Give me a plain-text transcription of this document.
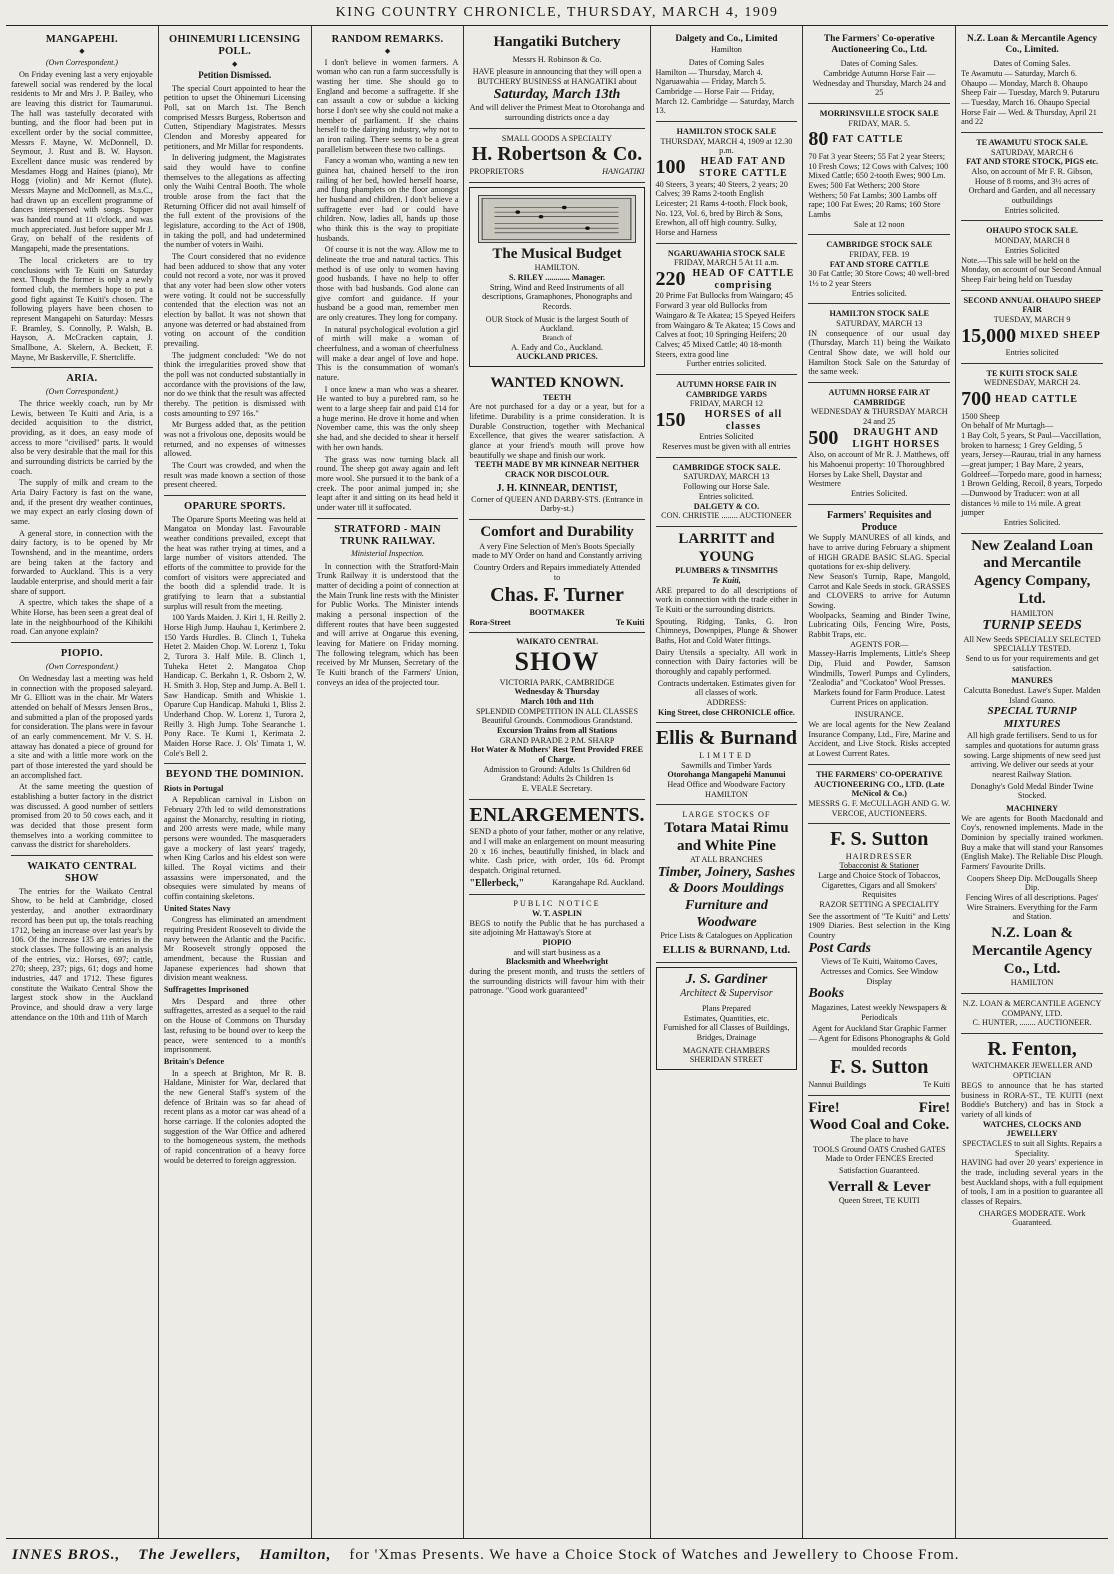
KING COUNTRY CHRONICLE, THURSDAY, MARCH 4, 1909
MANGAPEHI.
◆
(Own Correspondent.)

On Friday evening last a very enjoyable farewell social was rendered by the local residents to Mr and Mrs J. P. Bailey, who are leaving this district for Taumarunui. The hall was tastefully decorated with bunting, and the floor had been put in excellent order by the social committee, Messrs F. Mayne, W. McDonnell, D. Seymour, J. Rust and B. W. Hayson. Excellent dance music was rendered by Mesdames Hogg and Haines (piano), Mr Hogg (violin) and Mr Kernot (flute). Messrs Mayne and McDonnell, as M.s.C., had drawn up an excellent programme of dances interspersed with songs. Supper was handed round at 11 o'clock, and was much appreciated. Just before supper Mr J. Gray, on behalf of the residents of Mangapehi, made the presentations.

The local cricketers are to try conclusions with Te Kuiti on Saturday next. Though the former is only a newly formed club, the members hope to put a good fight against Te Kuiti's chosen. The following players have been chosen to represent Mangapehi on Saturday: Messrs F. Bramley, S. Connolly, P. Walsh, B. Hayson, A. McCracken captain, J. Smallbone, A. Skelern, A. Beckett, F. Mayne, Mr Baskerville, F. Shertcliffe.

ARIA.
(Own Correspondent.)

The thrice weekly coach, run by Mr Lewis, between Te Kuiti and Aria, is a decided acquisition to the district, providing, as it does, an easy mode of access to more "civilised" parts. It would also be very desirable that the mail for this and surrounding districts be carried by the coach.

The supply of milk and cream to the Aria Dairy Factory is fast on the wane, and, if the present dry weather continues, we may expect an early closing down of same.

A general store, in connection with the dairy factory, is to be opened by Mr Townshend, and in the meantime, orders are being taken at the factory and forwarded to Auckland. This is a very laudable enterprise, and should merit a fair share of support.

A spectre, which takes the shape of a White Horse, has been seen a great deal of late in the neighbourhood of the Kihikihi road. Can anyone explain?

PIOPIO.
(Own Correspondent.)

On Wednesday last a meeting was held in connection with the proposed saleyard. Mr G. Elliott was in the chair. Mr Waters attended on behalf of Messrs Jensen Bros., and submitted a plan of the proposed yards for consideration. The plans were in favour of an early commencement. Mr V. S. H. attaway has donated a piece of ground for a site and with a little more work on the part of those interested the yard should be an accomplished fact.

At the same meeting the question of establishing a butter factory in the district was discussed. A good number of settlers promised from 20 to 50 cows each, and it was decided that those present form themselves into a working committee to canvass the district for shareholders.

WAIKATO CENTRAL SHOW

The entries for the Waikato Central Show, to be held at Cambridge, closed yesterday, and another extraordinary record has been put up, the totals reaching 1712, being an increase over last year's by 106. Of the increase 135 are entries in the stock classes. The following is an analysis of the entries, viz.: Horses, 697; cattle, 270; sheep, 237; pigs, 61; dogs and home industries, 447 and 1712. These figures constitute the Waikato Central Show the largest stock show in the Auckland Province, and should draw a very large attendance on the 10th and 11th of March

OHINEMURI LICENSING POLL.
◆
Petition Dismissed.

The special Court appointed to hear the petition to upset the Ohinemuri Licensing Poll, sat on March 1st. The Bench comprised Messrs Burgess, Robertson and Cutten, Stipendiary Magistrates. Messrs Clendon and Moresby appeared for petitioners, and Mr Millar for respondents.

In delivering judgment, the Magistrates said they would have to confine themselves to the allegations as affecting only the Waihi Central Booth. The whole trouble arose from the fact that the Returning Officer did not avail himself of the full extent of the provisions of the legislature, according to the Act of 1908, in taking the poll, and had undetermined the number of voters in Waihi.

The Court considered that no evidence had been adduced to show that any voter could not record a vote, nor was it proved that any voter had been slow other voters were voting. It could not be successfully contended that the election was not an election by ballot. It was not shown that anyone was deterred or had abstained from voting on account of the condition prevailing.

The judgment concluded: "We do not think the irregularities proved show that the poll was not conducted substantially in accordance with the provisions of the law, nor do we think that the result was affected thereby. The petition is dismissed with costs amounting to £97 16s."

Mr Burgess added that, as the petition was not a frivolous one, deposits would be returned, and no expenses of witnesses allowed.

The Court was crowded, and when the result was made known a section of those present cheered.

OPARURE SPORTS.

The Oparure Sports Meeting was held at Mangatoa on Monday last. Favourable weather conditions prevailed, except that the heat was rather trying at times, and a large number of visitors attended. The efforts of the committee to provide for the comfort of visitors were appreciated and the booth did a splendid trade. It is gratifying to learn that a substantial surplus will result from the meeting.

100 Yards Maiden. J. Kiri 1, H. Reilly 2. Horse High Jump. Hauhau 1, Kerimbere 2. 150 Yards Hurdles. B. Clinch 1, Tuheka Hetet 2. Maiden Chop. W. Lorenz 1, Toku 2, Turora 3. Half Mile. B. Clinch 1, Tuheka Hetet 2. Mangatoa Chop Handicap. C. Berkahn 1, R. Osborn 2, W. H. Smith 3. Hop, Step and Jump. A. Bell 1. Saw Handicap. Smith and Whiskie 1. Oparure Cup Handicap. Mahuki 1, Bliss 2. Underhand Chop. W. Lorenz 1, Turora 2, Reilly 3. High Jump. Tohe Searanche 1. Pony Race. Te Kumi 1, Kerimata 2. Maiden Horse Race. J. Ols' Timata 1, W. Cole's Bell 2.

BEYOND THE DOMINION.
Riots in Portugal

A Republican carnival in Lisbon on February 27th led to wild demonstrations against the Monarchy, resulting in rioting, and 200 arrests were made, while many persons were wounded. The masqueraders gave a mockery of last years' tragedy, when King Carlos and his eldest son were killed. The Royal victims and their assassins were impersonated, and the obsequies were simulated by means of coffin containing skeletons.

United States Navy

Congress has eliminated an amendment requiring President Roosevelt to divide the navy between the Atlantic and the Pacific. Mr Roosevelt strongly opposed the amendment, because the Russian and Japanese experiences had shown that division meant weakness.

Suffragettes Imprisoned

Mrs Despard and three other suffragettes, arrested as a sequel to the raid on the House of Commons on Thursday last, refusing to be bound over to keep the peace, were sentenced to a month's imprisonment.

Britain's Defence

In a speech at Brighton, Mr R. B. Haldane, Minister for War, declared that the new General Staff's system of the defence of Britain was so far ahead of recent plans as a motor car was ahead of a horse carriage. If the colonies adopted the suggestion of the War Office and adhered to the homogeneous system, the methods of rapid concentration of a heavy force would be deterred to foreign aggression.

RANDOM REMARKS.
◆

I don't believe in women farmers. A woman who can run a farm successfully is wasting her time. She should go to England and become a suffragette. If she can assault a cow or subdue a kicking horse I don't see why she could not make a member of parliament. If she chains herself to the dairying industry, why not to an iron railing. There seems to be a great parallelism between these two callings.

Fancy a woman who, wanting a new ten guinea hat, chained herself to the iron railing of her bed, howled herself hoarse, and flung phamplets on the floor amongst her husband and children. I don't believe a suffragette ever had or could have children. Now, ladies all, hands up those who think this is the way to propitiate husbands.

Of course it is not the way. Allow me to delineate the true and natural tactics. This method is of use only to women having good husbands. I have no help to offer those with bad husbands. God alone can give comfort and guidance. If your husband be a good man, remember men are only creatures. They long for company.

In natural psychological evolution a girl of mirth will make a woman of cheerfulness, and a woman of cheerfulness will make a dear angel of love and hope. This is the consummation of woman's nature.

I once knew a man who was a shearer. He wanted to buy a purebred ram, so he went to a large sheep fair and paid £14 for a huge merino. He drove it home and when November came, this was the only sheep she had, and she decided to shear it herself with her own hands.

The grass was now turning black all round. The sheep got away again and left more wool. She pursued it to the bank of a creek. The poor animal jumped in; she leapt after it and sitting on its head held it under water till it suffocated.

STRATFORD - MAIN TRUNK RAILWAY.
Ministerial Inspection.

In connection with the Stratford-Main Trunk Railway it is understood that the matter of deciding a point of connection at the Main Trunk line rests with the Minister for Public Works. The Minister intends making a personal inspection of the different routes that have been suggested and will arrive at Ongarue this evening, leaving for Matiere on Friday morning. The following telegram, which has been received by Mr Munsen, Secretary of the Te Kuiti branch of the Farmers' Union, conveys an idea of the projected tour.

Hangatiki Butchery
Messrs H. Robinson & Co.
HAVE pleasure in announcing that they will open a BUTCHERY BUSINESS at HANGATIKI about
Saturday, March 13th
And will deliver the Primest Meat to Otorohanga and surrounding districts once a day
SMALL GOODS A SPECIALTY
H. Robertson & Co.
PROPRIETORS	HANGATIKI
The Musical Budget
HAMILTON.
S. RILEY ............ Manager.
String, Wind and Reed Instruments of all descriptions, Gramaphones, Phonographs and Records.
OUR Stock of Music is the largest South of Auckland.
Branch of
A. Eady and Co., Auckland.
AUCKLAND PRICES.
WANTED KNOWN.
TEETH
Are not purchased for a day or a year, but for a lifetime. Durability is a prime consideration. It is Durable Construction, together with Mechanical Excellence, that gives the wearer satisfaction. A glance at your friend's mouth will prove how beautifully we shape and finish our work.
TEETH MADE BY MR KINNEAR NEITHER CRACK NOR DISCOLOUR.
J. H. KINNEAR, DENTIST,
Corner of QUEEN AND DARBY-STS. (Entrance in Darby-st.)
Comfort and Durability
A very Fine Selection of Men's Boots Specially made to MY Order on hand and Constantly arriving
Country Orders and Repairs immediately Attended to
Chas. F. Turner
BOOTMAKER
Rora-Street	Te Kuiti
WAIKATO CENTRAL
SHOW
VICTORIA PARK, CAMBRIDGE
Wednesday & Thursday
March 10th and 11th
SPLENDID COMPETITION IN ALL CLASSES
Beautiful Grounds. Commodious Grandstand.
Excursion Trains from all Stations
GRAND PARADE 2 P.M. SHARP
Hot Water & Mothers' Rest Tent Provided FREE of Charge.
Admission to Ground: Adults 1s Children 6d
Grandstand: Adults 2s Children 1s
E. VEALE Secretary.
ENLARGEMENTS.
SEND a photo of your father, mother or any relative, and I will make an enlargement on mount measuring 20 x 16 inches, beautifully finished, in black and white. Cash price, with order, 10s 6d. Prompt despatch. Original returned.
"Ellerbeck,"	Karangahape Rd. Auckland.
PUBLIC NOTICE
W. T. ASPLIN
BEGS to notify the Public that he has purchased a site adjoining Mr Hattaway's Store at
PIOPIO
and will start business as a
Blacksmith and Wheelwright
during the present month, and trusts the settlers of the surrounding districts will favour him with their patronage. "Good work guaranteed"
Dalgety and Co., Limited
Hamilton
Dates of Coming Sales
Hamilton — Thursday, March 4. Ngaruawahia — Friday, March 5. Cambridge — Horse Fair — Friday, March 12. Cambridge — Saturday, March 13.
HAMILTON STOCK SALE
THURSDAY, MARCH 4, 1909 at 12.30 p.m.
100	HEAD FAT AND STORE CATTLE
40 Steers, 3 years; 40 Steers, 2 years; 20 Calves; 39 Rams 2-tooth English Leicester; 21 Rams 4-tooth. Flock book, No. 123, Vol. 6, bred by Birch & Sons, Erewhon, all off high country. Sulky, Horse and Harness
NGARUAWAHIA STOCK SALE
FRIDAY, MARCH 5 At 11 a.m.
220 HEAD OF CATTLE comprising
20 Prime Fat Bullocks from Waingaro; 45 Forward 3 year old Bullocks from Waingaro & Te Akatea; 15 Speyed Heifers from Waingaro & Te Akatea; 15 Cows and Calves at foot; 10 Springing Heifers; 20 Calves; 45 Mixed Cattle; 40 18-month Steers, extra good line
Further entries solicited.
AUTUMN HORSE FAIR IN CAMBRIDGE YARDS
FRIDAY, MARCH 12
150	HORSES of all classes
Entries Solicited
Reserves must be given with all entries
CAMBRIDGE STOCK SALE.
SATURDAY, MARCH 13
Following our Horse Sale.
Entries solicited.
DALGETY & CO.
CON. CHRISTIE ........ AUCTIONEER
LARRITT and YOUNG
PLUMBERS & TINSMITHS
Te Kuiti,
ARE prepared to do all descriptions of work in connection with the trade either in Te Kuiti or the surrounding districts.
Spouting, Ridging, Tanks, G. Iron Chimneys, Downpipes, Plunge & Shower Baths, Hot and Cold Water fittings.
Dairy Utensils a specialty. All work in connection with Dairy factories will be thoroughly and capably performed.
Contracts undertaken. Estimates given for all classes of work.
ADDRESS:
King Street, close CHRONICLE office.
Ellis & Burnand
LIMITED
Sawmills and Timber Yards
Otorohanga Mangapehi Manunui
Head Office and Woodware Factory HAMILTON
LARGE STOCKS OF
Totara Matai Rimu and White Pine
AT ALL BRANCHES
Timber, Joinery, Sashes & Doors Mouldings Furniture and Woodware
Price Lists & Catalogues on Application
ELLIS & BURNAND, Ltd.
J. S. Gardiner
Architect & Supervisor
Plans Prepared
Estimates, Quantities, etc.
Furnished for all Classes of Buildings, Bridges, Drainage
MAGNATE CHAMBERS
SHERIDAN STREET
The Farmers' Co-operative Auctioneering Co., Ltd.
Dates of Coming Sales.
Cambridge Autumn Horse Fair — Wednesday and Thursday, March 24 and 25
MORRINSVILLE STOCK SALE
FRIDAY, MAR. 5.
80 FAT CATTLE
70 Fat 3 year Steers; 55 Fat 2 year Steers; 10 Fresh Cows; 12 Cows with Calves; 100 Mixed Cattle; 650 2-tooth Ewes; 900 Lm. Ewes; 500 Fat Wethers; 200 Store Wethers; 50 Fat Lambs; 300 Lambs off rape; 100 Fat Ewes; 20 Rams; 160 Store Lambs
Sale at 12 noon
CAMBRIDGE STOCK SALE
FRIDAY, FEB. 19
FAT AND STORE CATTLE
30 Fat Cattle; 30 Store Cows; 40 well-bred 1½ to 2 year Steers
Entries solicited.
HAMILTON STOCK SALE
SATURDAY, MARCH 13
IN consequence of our usual day (Thursday, March 11) being the Waikato Central Show date, we will hold our Hamilton Stock Sale on the Saturday of the same week.
AUTUMN HORSE FAIR AT CAMBRIDGE
WEDNESDAY & THURSDAY MARCH 24 and 25
500	DRAUGHT AND LIGHT HORSES
Also, on account of Mr R. J. Matthews, off his Mahoenui property: 10 Thoroughbred Horses by Lake Shell, Daystar and Westmere
Entries Solicited.
Farmers' Requisites and Produce
We Supply MANURES of all kinds, and have to arrive during February a shipment of HIGH GRADE BASIC SLAG. Special quotations for ex-ship delivery.
New Season's Turnip, Rape, Mangold, Carrot and Kale Seeds in stock. GRASSES and CLOVERS to arrive for Autumn Sowing.
Woolpacks, Seaming and Binder Twine, Lubricating Oils, Fencing Wire, Posts, Rabbit Traps, etc.
AGENTS FOR—
Massey-Harris Implements, Little's Sheep Dip, Fluid and Powder, Samson Windmills, Towerl Pumps and Cylinders, "Zealodia" and "Cockatoo" Wool Presses.
Markets found for Farm Produce. Latest Current Prices on application.
INSURANCE.
We are local agents for the New Zealand Insurance Company, Ltd., Fire, Marine and Accident, and Live Stock. Risks accepted at Lowest Current Rates.
THE FARMERS' CO-OPERATIVE AUCTIONEERING CO., LTD. (Late McNicol & Co.)
MESSRS G. F. McCULLAGH AND G. W. VERCOE, AUCTIONEERS.
F. S. Sutton
HAIRDRESSER
Tobacconist & Stationer
Large and Choice Stock of Tobaccos, Cigarettes, Cigars and all Smokers' Requisites
RAZOR SETTING A SPECIALITY
See the assortment of "Te Kuiti" and Letts' 1909 Diaries. Best selection in the King Country
Post Cards
Views of Te Kuiti, Waitomo Caves, Actresses and Comics. See Window Display
Books
Magazines, Latest weekly Newspapers & Periodicals
Agent for Auckland Star Graphic Farmer — Agent for Edisons Phonographs & Gold moulded records
F. S. Sutton
Nannui Buildings	Te Kuiti
Fire!	Fire!
Wood Coal and Coke.
The place to have
TOOLS Ground OATS Crushed GATES Made to Order FENCES Erected
Satisfaction Guaranteed.
Verrall & Lever
Queen Street, TE KUITI
N.Z. Loan & Mercantile Agency Co., Limited.
Dates of Coming Sales.
Te Awamutu — Saturday, March 6. Ohaupo — Monday, March 8. Ohaupo Sheep Fair — Tuesday, March 9. Putaruru — Tuesday, March 16. Ohaupo Special Horse Fair — Wed. & Thursday, April 21 and 22
TE AWAMUTU STOCK SALE.
SATURDAY, MARCH 6
FAT AND STORE STOCK, PIGS etc.
Also, on account of Mr F. R. Gibson, House of 8 rooms, and 3½ acres of Orchard and Garden, and all necessary outbuildings
Entries solicited.
OHAUPO STOCK SALE.
MONDAY, MARCH 8
Entries Solicited
Note.—This sale will be held on the Monday, on account of our Second Annual Sheep Fair being held on Tuesday
SECOND ANNUAL OHAUPO SHEEP FAIR
TUESDAY, MARCH 9
15,000 MIXED SHEEP
Entries solicited
TE KUITI STOCK SALE
WEDNESDAY, MARCH 24.
700 HEAD CATTLE
1500 Sheep
On behalf of Mr Murtagh—
1 Bay Colt, 5 years, St Paul—Vaccillation, broken to harness; 1 Grey Gelding, 5 years, Jersey—Raurau, trial in any harness—great jumper; 1 Bay Mare, 2 years, Goldreef—Torpedo mare, good in harness; 1 Brown Gelding, Recoil, 8 years, Torpedo—Dunwood by Traducer: won at all distances ½ mile to 1½ mile. A great jumper
Entries Solicited.
New Zealand Loan and Mercantile Agency Company, Ltd.
HAMILTON
TURNIP SEEDS
All New Seeds SPECIALLY SELECTED SPECIALLY TESTED.
Send to us for your requirements and get satisfaction.
MANURES
Calcutta Bonedust. Lawe's Super. Malden Island Guano.
SPECIAL TURNIP MIXTURES
All high grade fertilisers. Send to us for samples and quotations for autumn grass sowing. Large shipments of new seed just arriving. We deliver our seeds at your nearest Railway Station.
Donaghy's Gold Medal Binder Twine Stocked.
MACHINERY
We are agents for Booth Macdonald and Coy's, renowned implements. Made in the Dominion by specially trained workmen. Buy a make that will stand your Ransomes (English Make). The Reliable Disc Plough. Farmers' Favourite Drills.
Coopers Sheep Dip. McDougalls Sheep Dip.
Fencing Wires of all descriptions. Pages' Wire Strainers. Everything for the Farm and Station.
N.Z. Loan & Mercantile Agency Co., Ltd.
HAMILTON
N.Z. LOAN & MERCANTILE AGENCY COMPANY, LTD.
C. HUNTER, ........ AUCTIONEER.
R. Fenton,
WATCHMAKER JEWELLER AND OPTICIAN
BEGS to announce that he has started business in RORA-ST., TE KUITI (next Boddie's Butchery) and has in Stock a variety of all kinds of
WATCHES, CLOCKS AND JEWELLERY
SPECTACLES to suit all Sights. Repairs a Speciality.
HAVING had over 20 years' experience in the trade, including several years in the best Auckland shops, with a full equipment of tools, I am in a position to guarantee all classes of Repairs.
CHARGES MODERATE. Work Guaranteed.
INNES BROS., The Jewellers, Hamilton, for 'Xmas Presents. We have a Choice Stock of Watches and Jewellery to Choose From.
